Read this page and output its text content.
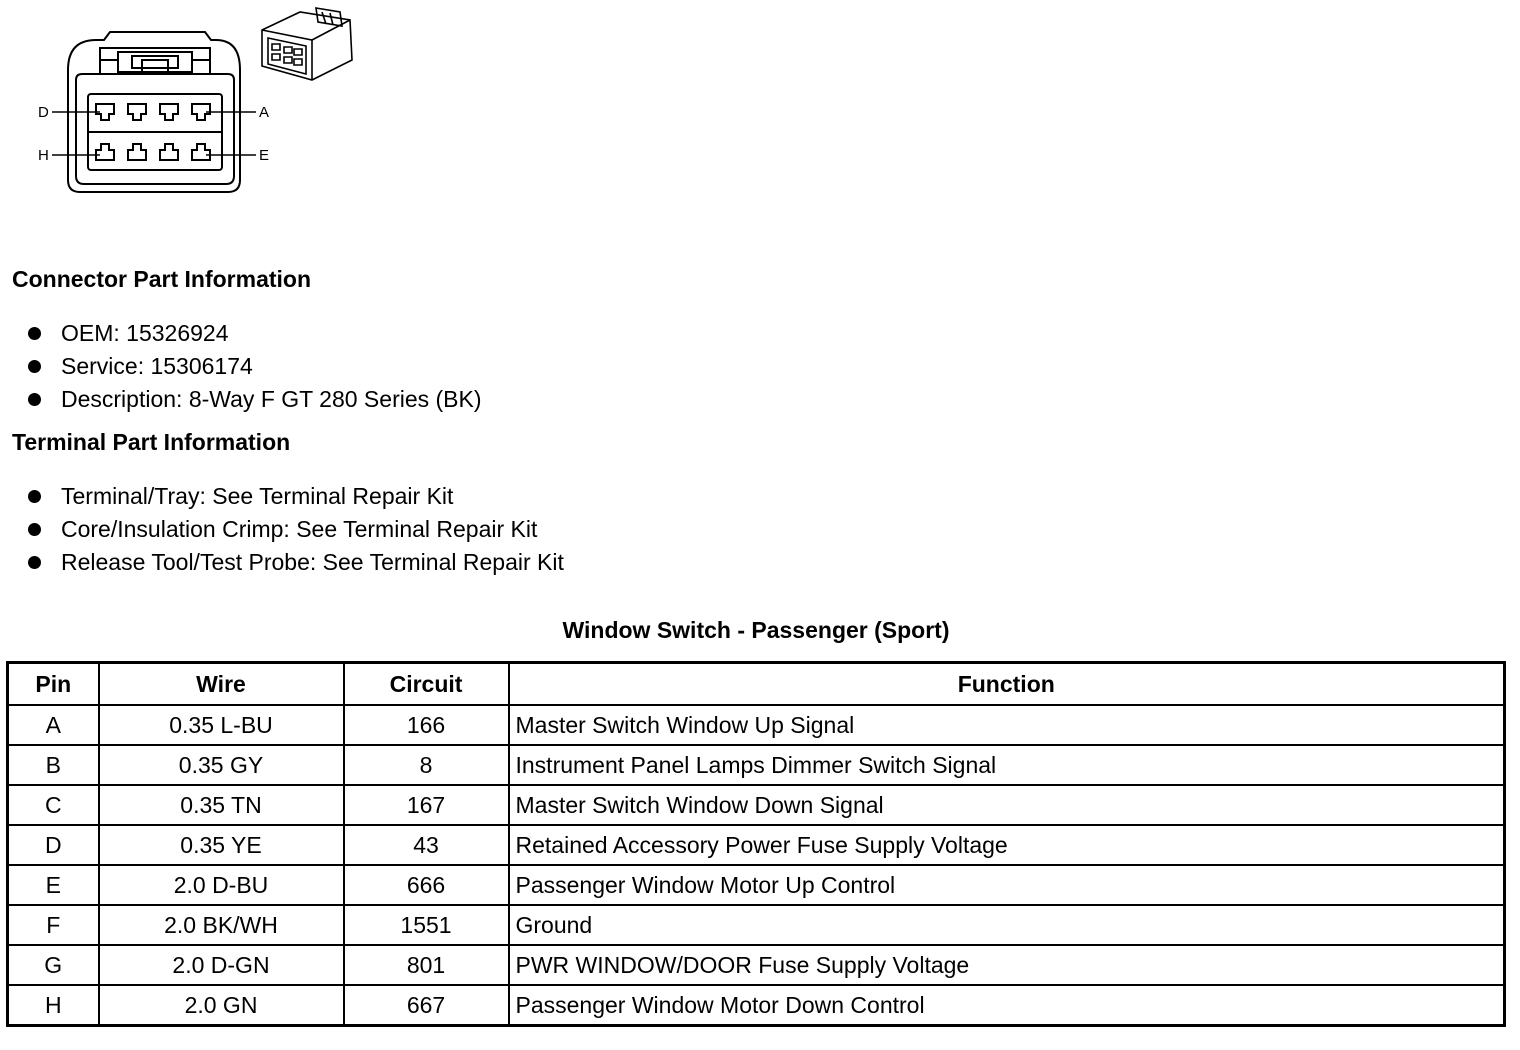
D	A
H	E
Connector Part Information
OEM: 15326924
Service: 15306174
Description: 8-Way F GT 280 Series (BK)
Terminal Part Information
Terminal/Tray: See Terminal Repair Kit
Core/Insulation Crimp: See Terminal Repair Kit
Release Tool/Test Probe: See Terminal Repair Kit
Window Switch - Passenger (Sport)
Pin	Wire	Circuit	Function
A	0.35 L-BU	166	Master Switch Window Up Signal
B	0.35 GY	8	Instrument Panel Lamps Dimmer Switch Signal
C	0.35 TN	167	Master Switch Window Down Signal
D	0.35 YE	43	Retained Accessory Power Fuse Supply Voltage
E	2.0 D-BU	666	Passenger Window Motor Up Control
F	2.0 BK/WH	1551	Ground
G	2.0 D-GN	801	PWR WINDOW/DOOR Fuse Supply Voltage
H	2.0 GN	667	Passenger Window Motor Down Control
